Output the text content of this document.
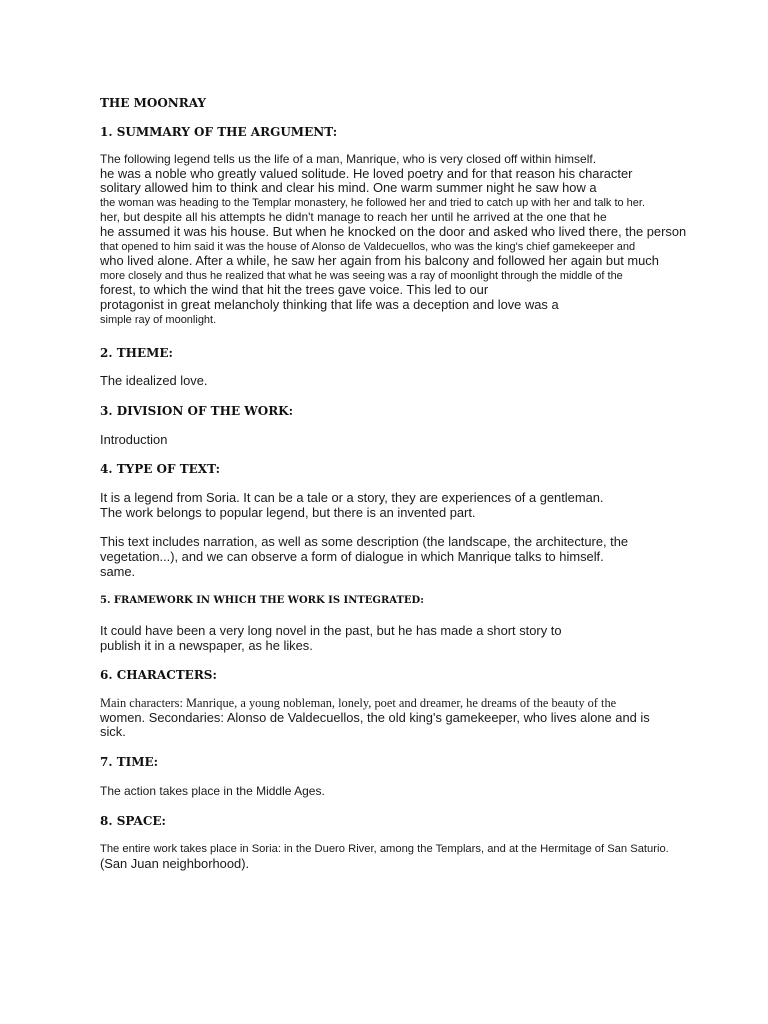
THE MOONRAY
1. SUMMARY OF THE ARGUMENT:
The following legend tells us the life of a man, Manrique, who is very closed off within himself.
he was a noble who greatly valued solitude. He loved poetry and for that reason his character
solitary allowed him to think and clear his mind. One warm summer night he saw how a
the woman was heading to the Templar monastery, he followed her and tried to catch up with her and talk to her.
her, but despite all his attempts he didn't manage to reach her until he arrived at the one that he
he assumed it was his house. But when he knocked on the door and asked who lived there, the person
that opened to him said it was the house of Alonso de Valdecuellos, who was the king's chief gamekeeper and
who lived alone. After a while, he saw her again from his balcony and followed her again but much
more closely and thus he realized that what he was seeing was a ray of moonlight through the middle of the
forest, to which the wind that hit the trees gave voice. This led to our
protagonist in great melancholy thinking that life was a deception and love was a
simple ray of moonlight.
2. THEME:

The idealized love.

3. DIVISION OF THE WORK:

Introduction

4. TYPE OF TEXT:
It is a legend from Soria. It can be a tale or a story, they are experiences of a gentleman.
The work belongs to popular legend, but there is an invented part.
This text includes narration, as well as some description (the landscape, the architecture, the
vegetation...), and we can observe a form of dialogue in which Manrique talks to himself.
same.
5. FRAMEWORK IN WHICH THE WORK IS INTEGRATED:
It could have been a very long novel in the past, but he has made a short story to
publish it in a newspaper, as he likes.
6. CHARACTERS:
Main characters: Manrique, a young nobleman, lonely, poet and dreamer, he dreams of the beauty of the
women. Secondaries: Alonso de Valdecuellos, the old king's gamekeeper, who lives alone and is
sick.
7. TIME:

The action takes place in the Middle Ages.

8. SPACE:
The entire work takes place in Soria: in the Duero River, among the Templars, and at the Hermitage of San Saturio.
(San Juan neighborhood).
